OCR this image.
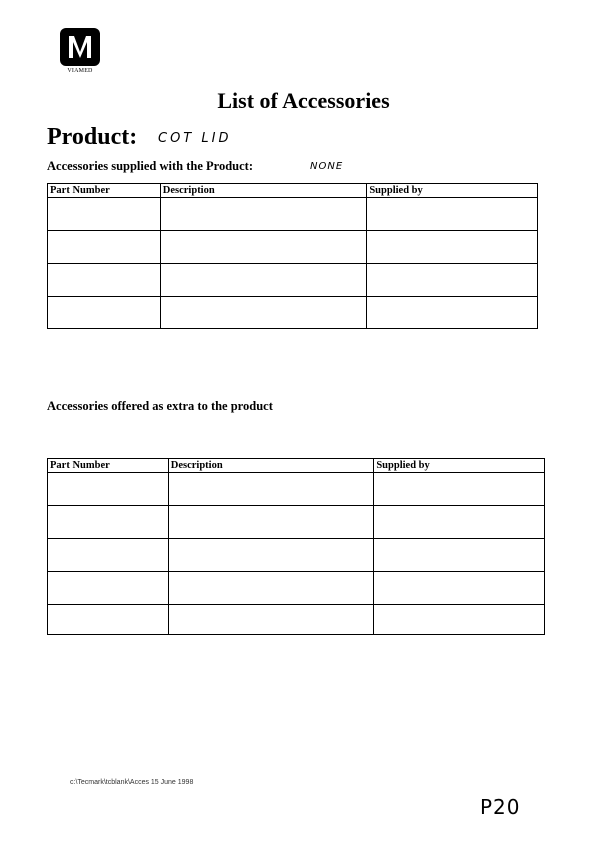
VIAMED
List of Accessories
Product: COT LID
Accessories supplied with the Product:	NONE
Part Number	Description	Supplied by

Accessories offered as extra to the product
Part Number	Description	Supplied by

c:\Tecmark\tcblank\Acces 15 June 1998
P20
